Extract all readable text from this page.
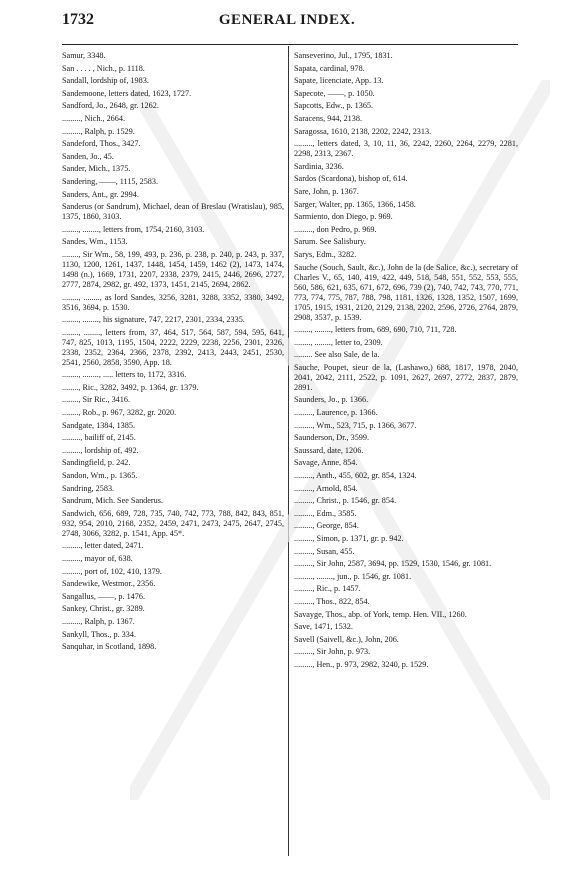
1732	GENERAL INDEX.
Samur, 3348.
San . . . . , Nich., p. 1118.
Sandall, lordship of, 1983.
Sandemoone, letters dated, 1623, 1727.
Sandford, Jo., 2648, gr. 1262.
........., Nich., 2664.
........., Ralph, p. 1529.
Sandeford, Thos., 3427.
Sanden, Jo., 45.
Sander, Mich., 1375.
Sandering, ——, 1115, 2583.
Sanders, Ant., gr. 2994.
Sanderus (or Sandrum), Michael, dean of Breslau (Wratislau), 985, 1375, 1860, 3103.
........, ........, letters from, 1754, 2160, 3103.
Sandes, Wm., 1153.
........, Sir Wm., 58, 199, 493, p. 236, p. 238, p. 240, p. 243, p. 337, 1130, 1200, 1261, 1437, 1448, 1454, 1459, 1462 (2), 1473, 1474, 1498 (n.), 1669, 1731, 2207, 2338, 2379, 2415, 2446, 2696, 2727, 2777, 2874, 2982, gr. 492, 1373, 1451, 2145, 2694, 2862.
........, ........, as lord Sandes, 3256, 3281, 3288, 3352, 3380, 3492, 3516, 3694, p. 1530.
........, ........, his signature, 747, 2217, 2301, 2334, 2335.
........, ........, letters from, 37, 464, 517, 564, 587, 594, 595, 641, 747, 825, 1013, 1195, 1504, 2222, 2229, 2238, 2256, 2301, 2326, 2338, 2352, 2364, 2366, 2378, 2392, 2413, 2443, 2451, 2530, 2541, 2560, 2858, 3590, App. 18.
........, ........, ..... letters to, 1172, 3316.
........, Ric., 3282, 3492, p. 1364, gr. 1379.
........, Sir Ric., 3416.
........, Rob., p. 967, 3282, gr. 2020.
Sandgate, 1384, 1385.
........., bailiff of, 2145.
........., lordship of, 492.
Sandingfield, p. 242.
Sandon, Wm., p. 1365.
Sandring, 2583.
Sandrum, Mich. See Sanderus.
Sandwich, 656, 689, 728, 735, 740, 742, 773, 788, 842, 843, 851, 932, 954, 2010, 2168, 2352, 2459, 2471, 2473, 2475, 2647, 2745, 2748, 3066, 3282, p. 1541, App. 45*.
........., letter dated, 2471.
........., mayor of, 638.
........., port of, 102, 410, 1379.
Sandewike, Westmor., 2356.
Sangallus, ——, p. 1476.
Sankey, Christ., gr. 3289.
........., Ralph, p. 1367.
Sankyll, Thos., p. 334.
Sanquhar, in Scotland, 1898.
Sanseverino, Jul., 1795, 1831.
Sapata, cardinal, 978.
Sapate, licenciate, App. 13.
Sapecote, ——, p. 1050.
Sapcotts, Edw., p. 1365.
Saracens, 944, 2138.
Saragossa, 1610, 2138, 2202, 2242, 2313.
........., letters dated, 3, 10, 11, 36, 2242, 2260, 2264, 2279, 2281, 2298, 2313, 2367.
Sardinia, 3236.
Sardos (Scardona), bishop of, 614.
Sare, John, p. 1367.
Sarger, Walter, pp. 1365, 1366, 1458.
Sarmiento, don Diego, p. 969.
........., don Pedro, p. 969.
Sarum. See Salisbury.
Sarys, Edm., 3282.
Sauche (Souch, Sault, &c.), John de la (de Salice, &c.), secretary of Charles V., 65, 140, 419, 422, 449, 518, 548, 551, 552, 553, 555, 560, 586, 621, 635, 671, 672, 696, 739 (2), 740, 742, 743, 770, 771, 773, 774, 775, 787, 788, 798, 1181, 1326, 1328, 1352, 1507, 1699, 1705, 1915, 1931, 2120, 2129, 2138, 2202, 2596, 2726, 2764, 2879, 2908, 3537, p. 1539.
........, ........, letters from, 689, 690, 710, 711, 728.
........, ........, letter to, 2309.
......... See also Sale, de la.
Sauche, Poupet, sieur de la, (Lashawo,) 688, 1817, 1978, 2040, 2041, 2042, 2111, 2522, p. 1091, 2627, 2697, 2772, 2837, 2879, 2891.
Saunders, Jo., p. 1366.
........., Laurence, p. 1366.
........., Wm., 523, 715, p. 1366, 3677.
Saunderson, Dr., 3599.
Saussard, date, 1206.
Savage, Anne, 854.
........., Anth., 455, 602, gr. 854, 1324.
........., Arnold, 854.
........., Christ., p. 1546, gr. 854.
........., Edm., 3585.
........., George, 854.
........., Simon, p. 1371, gr. p. 942.
........., Susan, 455.
........., Sir John, 2587, 3694, pp. 1529, 1530, 1546, gr. 1081.
........., ........, jun., p. 1546, gr. 1081.
........., Ric., p. 1457.
........., Thos., 822, 854.
Savayge, Thos., abp. of York, temp. Hen. VII., 1260.
Save, 1471, 1532.
Savell (Saivell, &c.), John, 206.
........., Sir John, p. 973.
........., Hen., p. 973, 2982, 3240, p. 1529.
